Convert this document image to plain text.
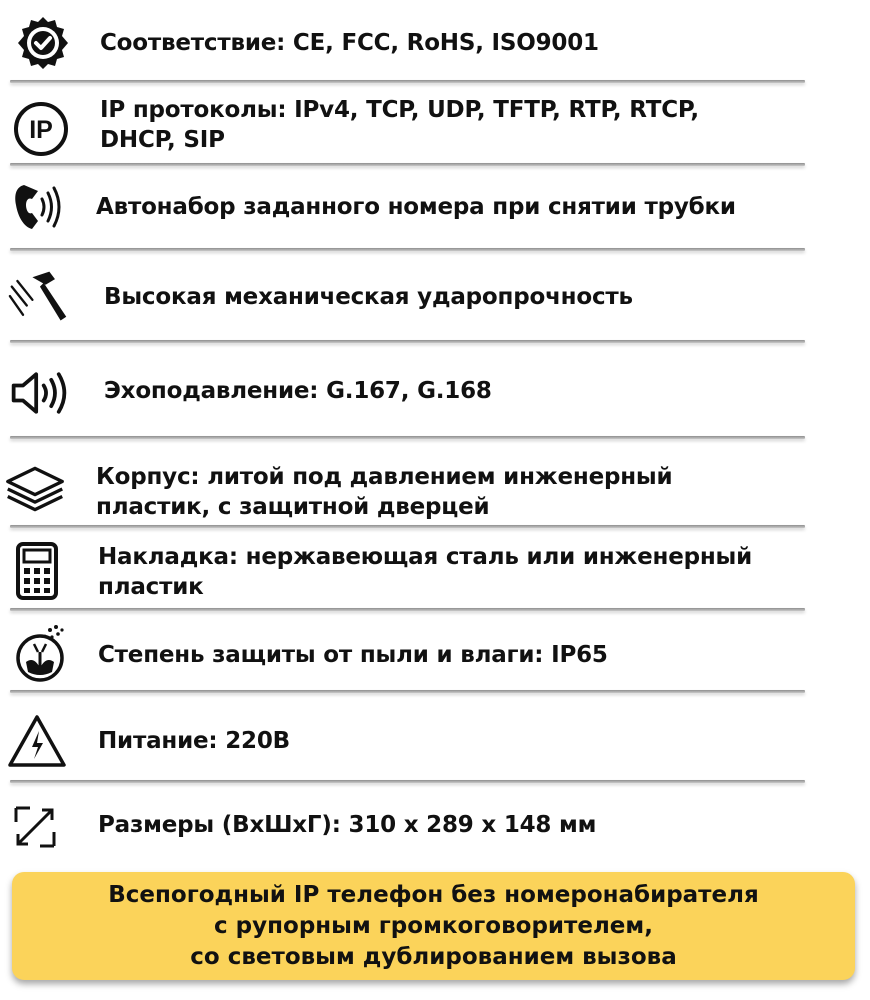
Соответствие: CE, FCC, RoHS, ISO9001
IP
IP протоколы: IPv4, TCP, UDP, TFTP, RTP, RTCP,
DHCP, SIP
Автонабор заданного номера при снятии трубки
Высокая механическая ударопрочность
Эхоподавление: G.167, G.168
Корпус: литой под давлением инженерный
пластик, с защитной дверцей
Накладка: нержавеющая сталь или инженерный
пластик
Степень защиты от пыли и влаги: IP65
Питание: 220В
Размеры (ВхШхГ): 310 х 289 х 148 мм
Всепогодный IP телефон без номеронабирателя
с рупорным громкоговорителем,
со световым дублированием вызова
